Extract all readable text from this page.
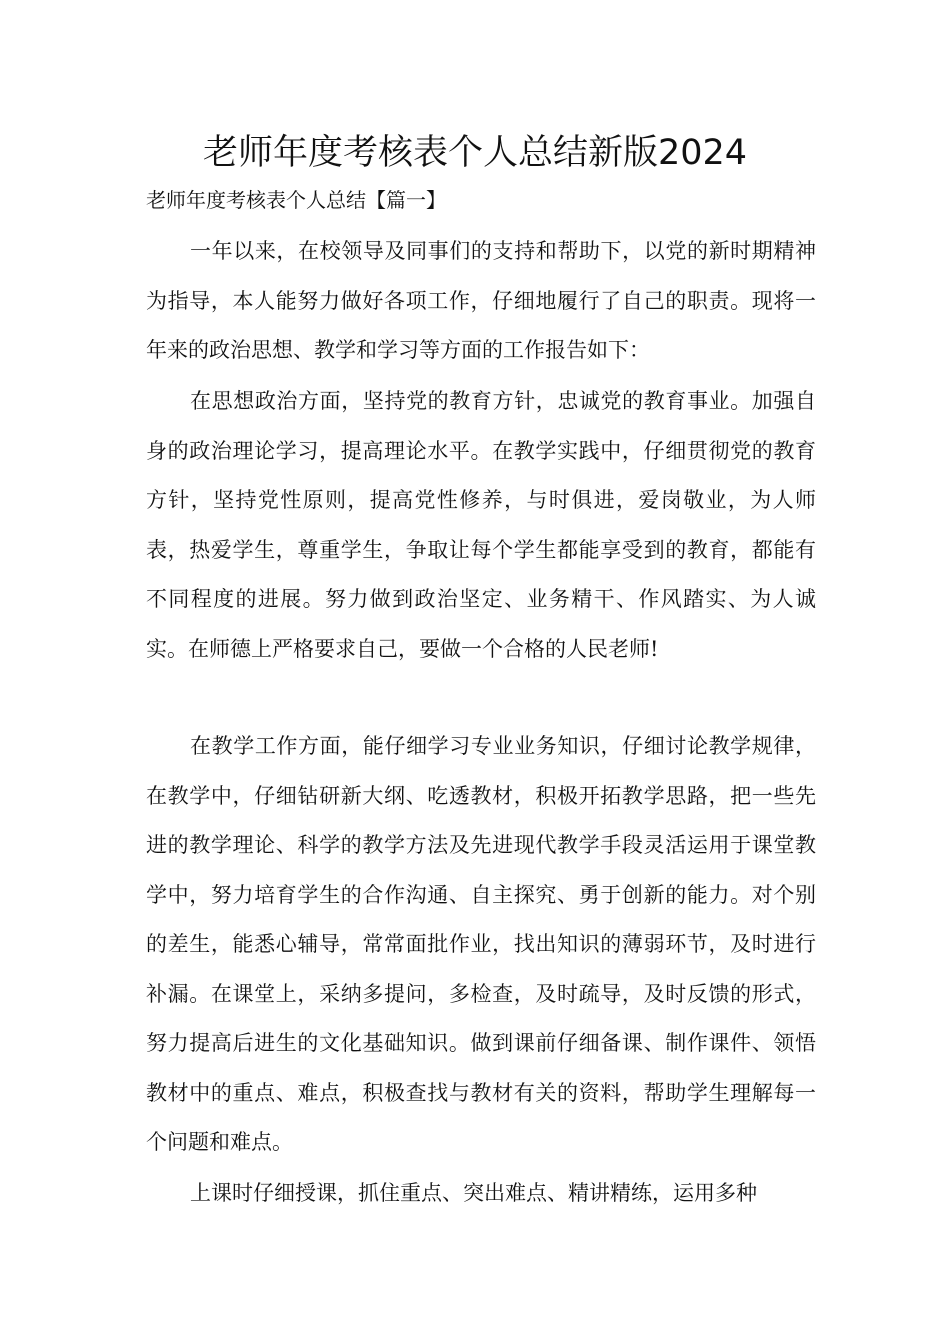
老师年度考核表个人总结新版2024
老师年度考核表个人总结【篇一】

一年以来，在校领导及同事们的支持和帮助下，以党的新时期精神为指导，本人能努力做好各项工作，仔细地履行了自己的职责。现将一年来的政治思想、教学和学习等方面的工作报告如下：

在思想政治方面，坚持党的教育方针，忠诚党的教育事业。加强自身的政治理论学习，提高理论水平。在教学实践中，仔细贯彻党的教育方针，坚持党性原则，提高党性修养，与时俱进，爱岗敬业，为人师表，热爱学生，尊重学生，争取让每个学生都能享受到的教育，都能有不同程度的进展。努力做到政治坚定、业务精干、作风踏实、为人诚实。在师德上严格要求自己，要做一个合格的人民老师!

在教学工作方面，能仔细学习专业业务知识，仔细讨论教学规律，在教学中，仔细钻研新大纲、吃透教材，积极开拓教学思路，把一些先进的教学理论、科学的教学方法及先进现代教学手段灵活运用于课堂教学中，努力培育学生的合作沟通、自主探究、勇于创新的能力。对个别的差生，能悉心辅导，常常面批作业，找出知识的薄弱环节，及时进行补漏。在课堂上，采纳多提问，多检查，及时疏导，及时反馈的形式，努力提高后进生的文化基础知识。做到课前仔细备课、制作课件、领悟教材中的重点、难点，积极查找与教材有关的资料，帮助学生理解每一个问题和难点。

上课时仔细授课，抓住重点、突出难点、精讲精练，运用多种
